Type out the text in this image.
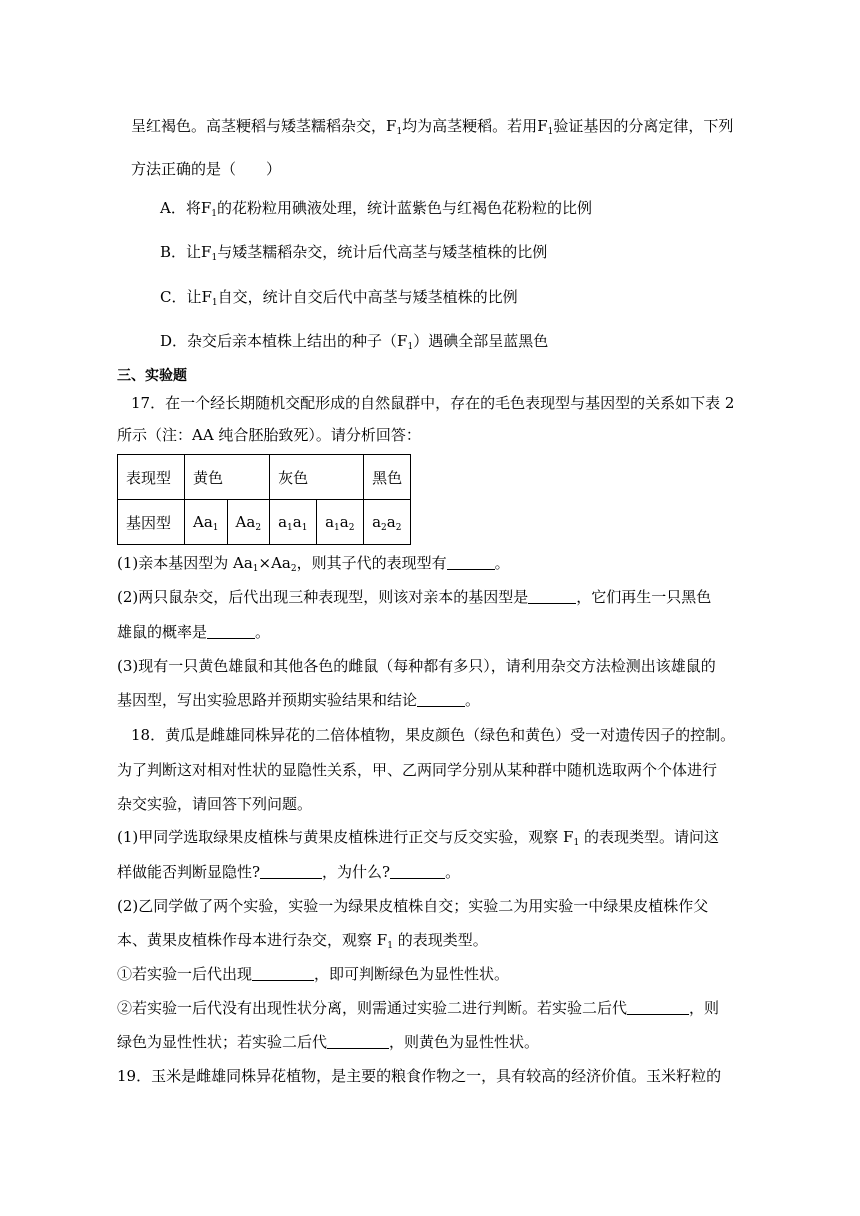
呈红褐色。高茎粳稻与矮茎糯稻杂交，$F_1$均为高茎粳稻。若用$F_1$验证基因的分离定律，下列
方法正确的是（　　）
A．将$F_1$的花粉粒用碘液处理，统计蓝紫色与红褐色花粉粒的比例
B．让$F_1$与矮茎糯稻杂交，统计后代高茎与矮茎植株的比例
C．让$F_1$自交，统计自交后代中高茎与矮茎植株的比例
D．杂交后亲本植株上结出的种子$(F_1)$遇碘全部呈蓝黑色
三、实验题
17．在一个经长期随机交配形成的自然鼠群中，存在的毛色表现型与基因型的关系如下表 2
所示（注：AA 纯合胚胎致死）。请分析回答：
表现型	黄色		灰色		黑色
基因型	$Aa_1$	$Aa_2$	$a_1a_1$	$a_1a_2$	$a_2a_2$
(1)亲本基因型为 $Aa_1\times Aa_2$，则其子代的表现型有	。
(2)两只鼠杂交，后代出现三种表现型，则该对亲本的基因型是	，它们再生一只黑色
雄鼠的概率是	。
(3)现有一只黄色雄鼠和其他各色的雌鼠（每种都有多只），请利用杂交方法检测出该雄鼠的
基因型，写出实验思路并预期实验结果和结论	。
18．黄瓜是雌雄同株异花的二倍体植物，果皮颜色（绿色和黄色）受一对遗传因子的控制。
为了判断这对相对性状的显隐性关系，甲、乙两同学分别从某种群中随机选取两个个体进行
杂交实验，请回答下列问题。
(1)甲同学选取绿果皮植株与黄果皮植株进行正交与反交实验，观察 $F_1$ 的表现类型。请问这
样做能否判断显隐性?	，为什么?	。
(2)乙同学做了两个实验，实验一为绿果皮植株自交；实验二为用实验一中绿果皮植株作父
本、黄果皮植株作母本进行杂交，观察 $F_1$ 的表现类型。
①若实验一后代出现	，即可判断绿色为显性性状。
②若实验一后代没有出现性状分离，则需通过实验二进行判断。若实验二后代	，则
绿色为显性性状；若实验二后代	，则黄色为显性性状。
19．玉米是雌雄同株异花植物，是主要的粮食作物之一，具有较高的经济价值。玉米籽粒的
